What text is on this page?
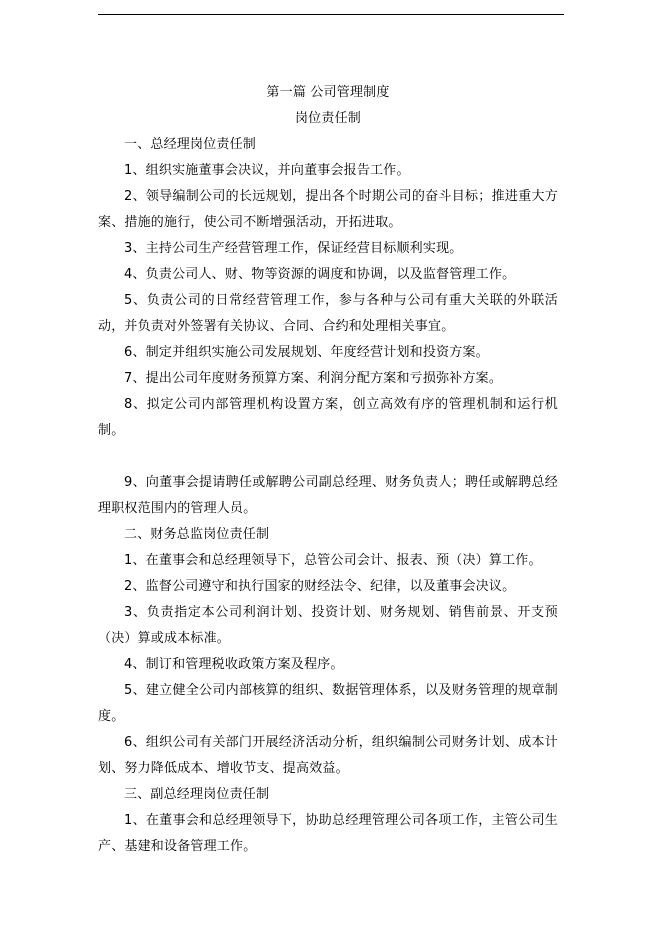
第一篇 公司管理制度

岗位责任制

一、总经理岗位责任制

1、组织实施董事会决议，并向董事会报告工作。

2、领导编制公司的长远规划，提出各个时期公司的奋斗目标；推进重大方案、措施的施行，使公司不断增强活动，开拓进取。

3、主持公司生产经营管理工作，保证经营目标顺利实现。

4、负责公司人、财、物等资源的调度和协调，以及监督管理工作。

5、负责公司的日常经营管理工作，参与各种与公司有重大关联的外联活动，并负责对外签署有关协议、合同、合约和处理相关事宜。

6、制定并组织实施公司发展规划、年度经营计划和投资方案。

7、提出公司年度财务预算方案、利润分配方案和亏损弥补方案。

8、拟定公司内部管理机构设置方案，创立高效有序的管理机制和运行机制。

9、向董事会提请聘任或解聘公司副总经理、财务负责人；聘任或解聘总经理职权范围内的管理人员。

二、财务总监岗位责任制

1、在董事会和总经理领导下，总管公司会计、报表、预（决）算工作。

2、监督公司遵守和执行国家的财经法令、纪律，以及董事会决议。

3、负责指定本公司利润计划、投资计划、财务规划、销售前景、开支预（决）算或成本标准。

4、制订和管理税收政策方案及程序。

5、建立健全公司内部核算的组织、数据管理体系，以及财务管理的规章制度。

6、组织公司有关部门开展经济活动分析，组织编制公司财务计划、成本计划、努力降低成本、增收节支、提高效益。

三、副总经理岗位责任制

1、在董事会和总经理领导下，协助总经理管理公司各项工作，主管公司生产、基建和设备管理工作。
